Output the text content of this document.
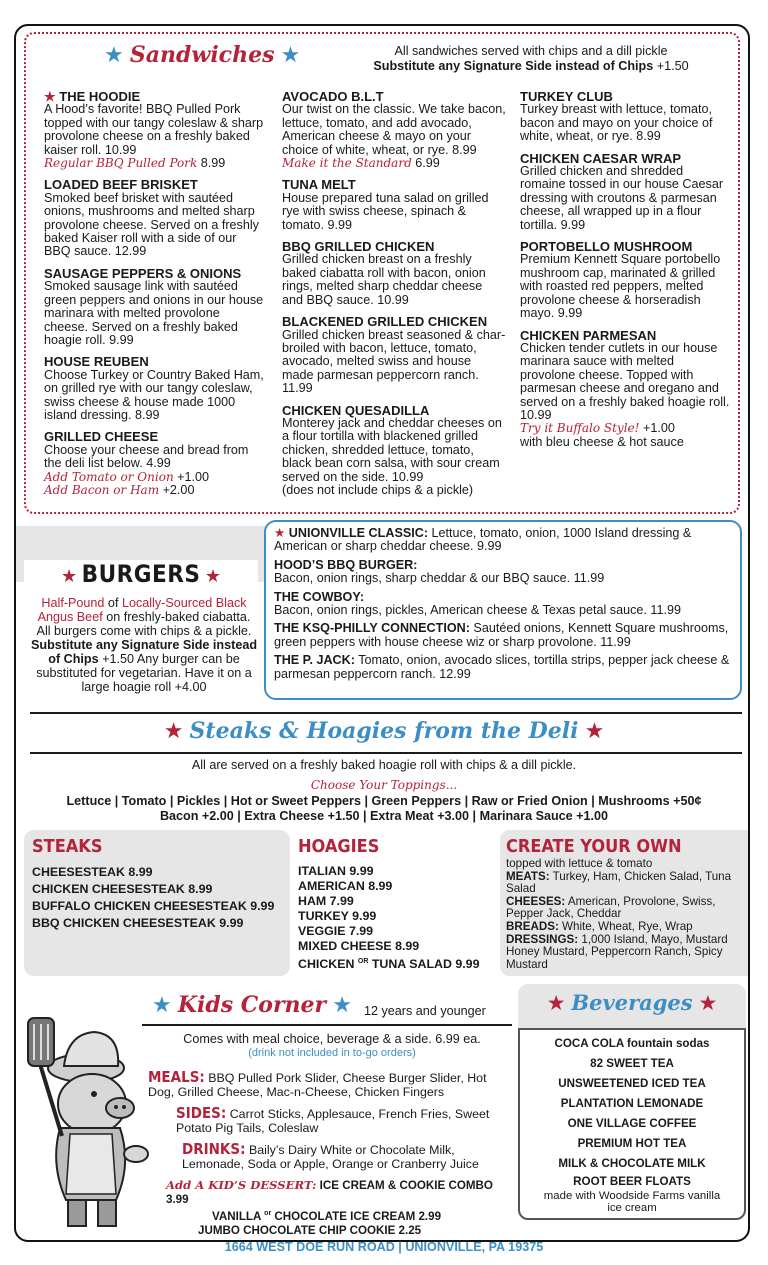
★ Sandwiches ★	All sandwiches served with chips and a dill pickle
Substitute any Signature Side instead of Chips +1.50
★ THE HOODIE
A Hood’s favorite! BBQ Pulled Pork topped with our tangy coleslaw & sharp provolone cheese on a freshly baked kaiser roll. 10.99
Regular BBQ Pulled Pork 8.99
LOADED BEEF BRISKET
Smoked beef brisket with sautéed onions, mushrooms and melted sharp provolone cheese. Served on a freshly baked Kaiser roll with a side of our BBQ sauce. 12.99
SAUSAGE PEPPERS & ONIONS
Smoked sausage link with sautéed green peppers and onions in our house marinara with melted provolone cheese. Served on a freshly baked hoagie roll. 9.99
HOUSE REUBEN
Choose Turkey or Country Baked Ham, on grilled rye with our tangy coleslaw, swiss cheese & house made 1000 island dressing. 8.99
GRILLED CHEESE
Choose your cheese and bread from the deli list below. 4.99
Add Tomato or Onion +1.00
Add Bacon or Ham +2.00
AVOCADO B.L.T
Our twist on the classic. We take bacon, lettuce, tomato, and add avocado, American cheese & mayo on your choice of white, wheat, or rye. 8.99 Make it the Standard 6.99
TUNA MELT
House prepared tuna salad on grilled rye with swiss cheese, spinach & tomato. 9.99
BBQ GRILLED CHICKEN
Grilled chicken breast on a freshly baked ciabatta roll with bacon, onion rings, melted sharp cheddar cheese and BBQ sauce. 10.99
BLACKENED GRILLED CHICKEN
Grilled chicken breast seasoned & char-broiled with bacon, lettuce, tomato, avocado, melted swiss and house made parmesan peppercorn ranch. 11.99
CHICKEN QUESADILLA
Monterey jack and cheddar cheeses on a flour tortilla with blackened grilled chicken, shredded lettuce, tomato, black bean corn salsa, with sour cream served on the side. 10.99
(does not include chips & a pickle)
TURKEY CLUB
Turkey breast with lettuce, tomato, bacon and mayo on your choice of white, wheat, or rye. 8.99
CHICKEN CAESAR WRAP
Grilled chicken and shredded romaine tossed in our house Caesar dressing with croutons & parmesan cheese, all wrapped up in a flour tortilla. 9.99
PORTOBELLO MUSHROOM
Premium Kennett Square portobello mushroom cap, marinated & grilled with roasted red peppers, melted provolone cheese & horseradish mayo. 9.99
CHICKEN PARMESAN
Chicken tender cutlets in our house marinara sauce with melted provolone cheese. Topped with parmesan cheese and oregano and served on a freshly baked hoagie roll. 10.99
Try it Buffalo Style! +1.00
with bleu cheese & hot sauce
★ BURGERS ★
Half-Pound of Locally-Sourced Black Angus Beef on freshly-baked ciabatta. All burgers come with chips & a pickle. Substitute any Signature Side instead of Chips +1.50 Any burger can be substituted for vegetarian. Have it on a large hoagie roll +4.00
★ UNIONVILLE CLASSIC: Lettuce, tomato, onion, 1000 Island dressing & American or sharp cheddar cheese. 9.99
HOOD’S BBQ BURGER:
Bacon, onion rings, sharp cheddar & our BBQ sauce. 11.99
THE COWBOY:
Bacon, onion rings, pickles, American cheese & Texas petal sauce. 11.99
THE KSQ-PHILLY CONNECTION: Sautéed onions, Kennett Square mushrooms, green peppers with house cheese wiz or sharp provolone. 11.99
THE P. JACK: Tomato, onion, avocado slices, tortilla strips, pepper jack cheese & parmesan peppercorn ranch. 12.99
★ Steaks & Hoagies from the Deli ★
All are served on a freshly baked hoagie roll with chips & a dill pickle.
Choose Your Toppings...
Lettuce | Tomato | Pickles | Hot or Sweet Peppers | Green Peppers | Raw or Fried Onion | Mushrooms +50¢
Bacon +2.00 | Extra Cheese +1.50 | Extra Meat +3.00 | Marinara Sauce +1.00
STEAKS
CHEESESTEAK 8.99
CHICKEN CHEESESTEAK 8.99
BUFFALO CHICKEN CHEESESTEAK 9.99
BBQ CHICKEN CHEESESTEAK 9.99
HOAGIES
ITALIAN 9.99
AMERICAN 8.99
HAM 7.99
TURKEY 9.99
VEGGIE 7.99
MIXED CHEESE 8.99
CHICKEN $^{OR}$ TUNA SALAD 9.99
CREATE YOUR OWN
topped with lettuce & tomato
MEATS: Turkey, Ham, Chicken Salad, Tuna Salad
CHEESES: American, Provolone, Swiss, Pepper Jack, Cheddar
BREADS: White, Wheat, Rye, Wrap
DRESSINGS: 1,000 Island, Mayo, Mustard Honey Mustard, Peppercorn Ranch, Spicy Mustard
★ Kids Corner ★ 12 years and younger
Comes with meal choice, beverage & a side. 6.99 ea.
(drink not included in to-go orders)
MEALS: BBQ Pulled Pork Slider, Cheese Burger Slider, Hot Dog, Grilled Cheese, Mac-n-Cheese, Chicken Fingers
SIDES: Carrot Sticks, Applesauce, French Fries, Sweet Potato Pig Tails, Coleslaw
DRINKS: Baily’s Dairy White or Chocolate Milk, Lemonade, Soda or Apple, Orange or Cranberry Juice
Add A KID’S DESSERT: ICE CREAM & COOKIE COMBO 3.99
VANILLA $^{or}$ CHOCOLATE ICE CREAM 2.99
JUMBO CHOCOLATE CHIP COOKIE 2.25
★ Beverages ★
COCA COLA fountain sodas
82 SWEET TEA
UNSWEETENED ICED TEA
PLANTATION LEMONADE
ONE VILLAGE COFFEE
PREMIUM HOT TEA
MILK & CHOCOLATE MILK
ROOT BEER FLOATS
made with Woodside Farms vanilla ice cream
1664 WEST DOE RUN ROAD | UNIONVILLE, PA 19375
